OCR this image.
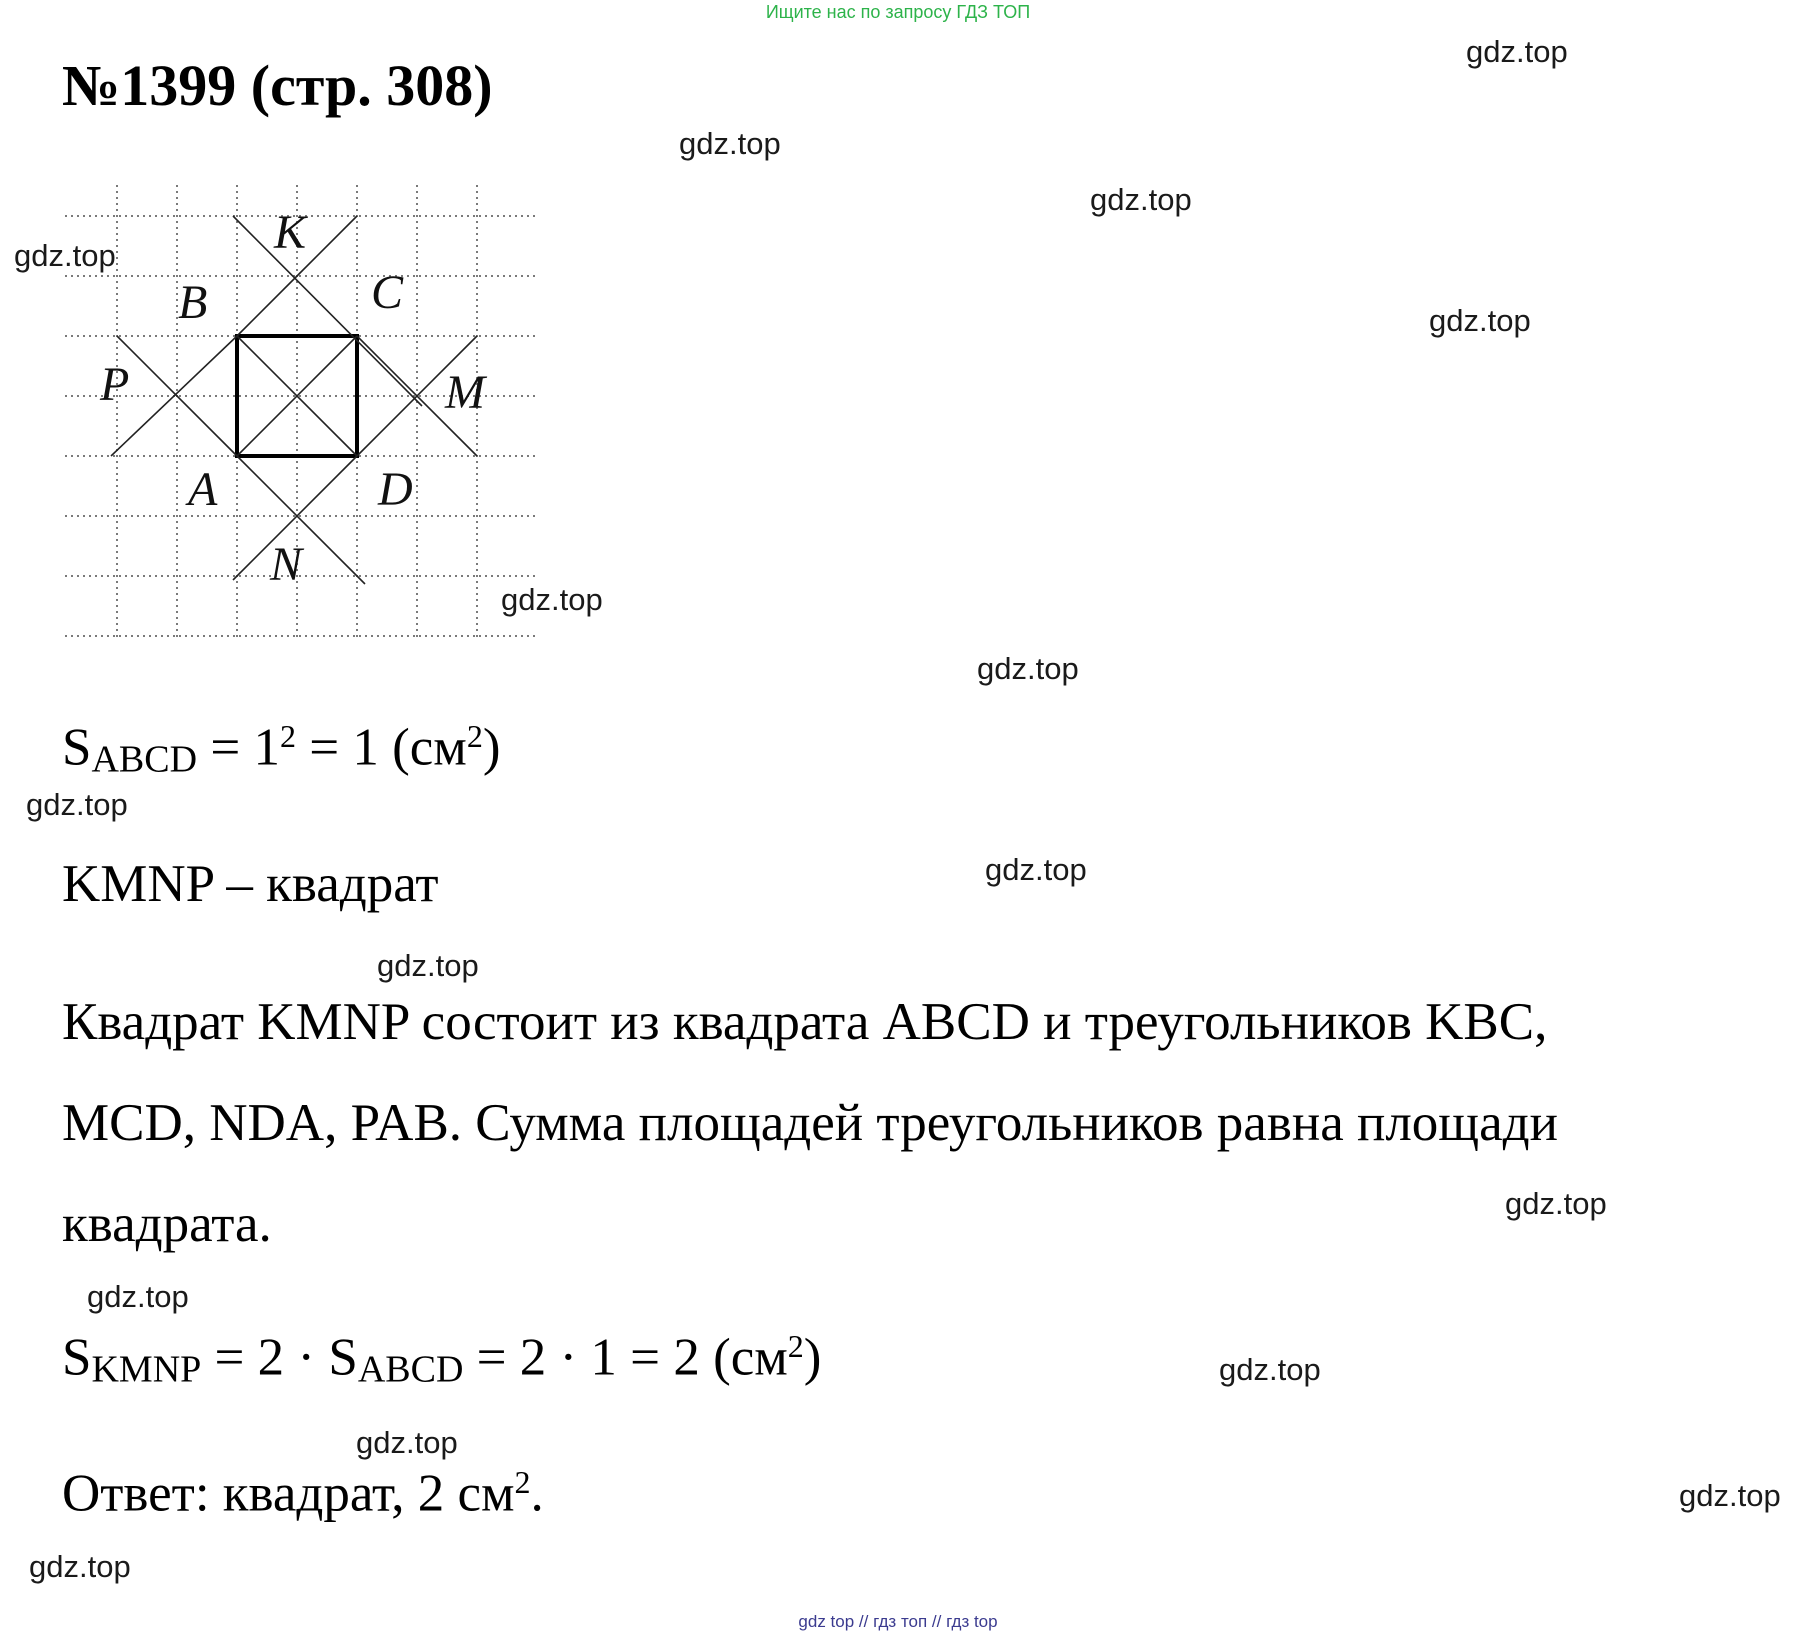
Ищите нас по запросу ГДЗ ТОП
№1399 (стр. 308)
K
B	C
P	M
A	D
N
$S_{ABCD} = 1^2 = 1$ $(см^2)$
KMNP – квадрат

Квадрат KMNP состоит из квадрата ABCD и треугольников KBC,

MCD, NDA, PAB. Сумма площадей треугольников равна площади

квадрата.

$S_{KMNP} = 2 \cdot S_{ABCD} = 2 \cdot 1 = 2$ $(см^2)$
Ответ: квадрат, 2 $см^2$.
gdz.top
gdz.top
gdz.top
gdz.top
gdz.top
gdz.top
gdz.top
gdz.top
gdz.top
gdz.top
gdz.top
gdz.top
gdz.top
gdz.top
gdz.top
gdz.top
gdz top // гдз топ // гдз top
